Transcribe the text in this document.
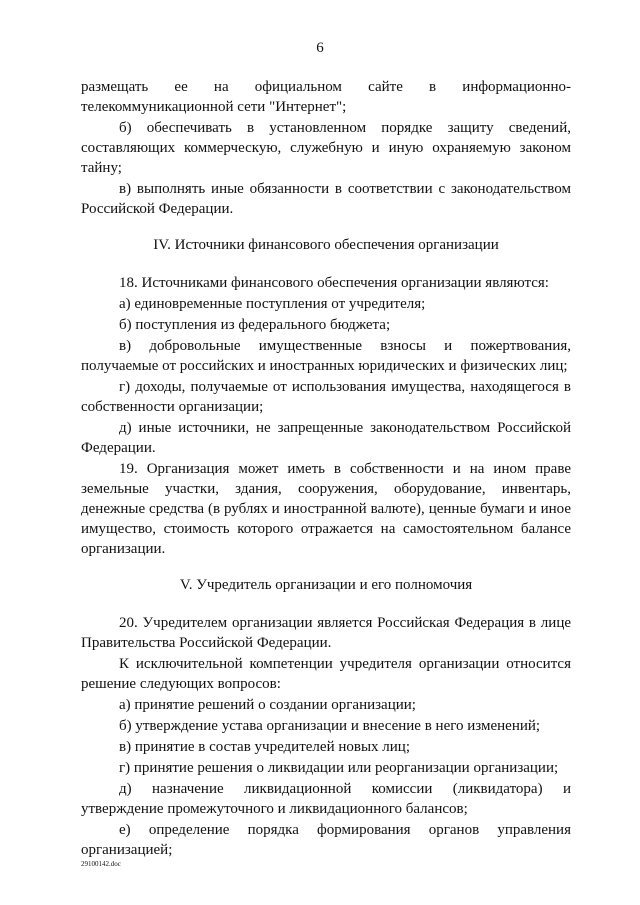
6

размещать ее на официальном сайте в информационно-телекоммуникационной сети "Интернет";

б) обеспечивать в установленном порядке защиту сведений, составляющих коммерческую, служебную и иную охраняемую законом тайну;

в) выполнять иные обязанности в соответствии с законодательством Российской Федерации.

IV. Источники финансового обеспечения организации

18. Источниками финансового обеспечения организации являются:

а) единовременные поступления от учредителя;

б) поступления из федерального бюджета;

в) добровольные имущественные взносы и пожертвования, получаемые от российских и иностранных юридических и физических лиц;

г) доходы, получаемые от использования имущества, находящегося в собственности организации;

д) иные источники, не запрещенные законодательством Российской Федерации.

19. Организация может иметь в собственности и на ином праве земельные участки, здания, сооружения, оборудование, инвентарь, денежные средства (в рублях и иностранной валюте), ценные бумаги и иное имущество, стоимость которого отражается на самостоятельном балансе организации.

V. Учредитель организации и его полномочия

20. Учредителем организации является Российская Федерация в лице Правительства Российской Федерации.

К исключительной компетенции учредителя организации относится решение следующих вопросов:

а) принятие решений о создании организации;

б) утверждение устава организации и внесение в него изменений;

в) принятие в состав учредителей новых лиц;

г) принятие решения о ликвидации или реорганизации организации;

д) назначение ликвидационной комиссии (ликвидатора) и утверждение промежуточного и ликвидационного балансов;

е) определение порядка формирования органов управления организацией;

29100142.doc
